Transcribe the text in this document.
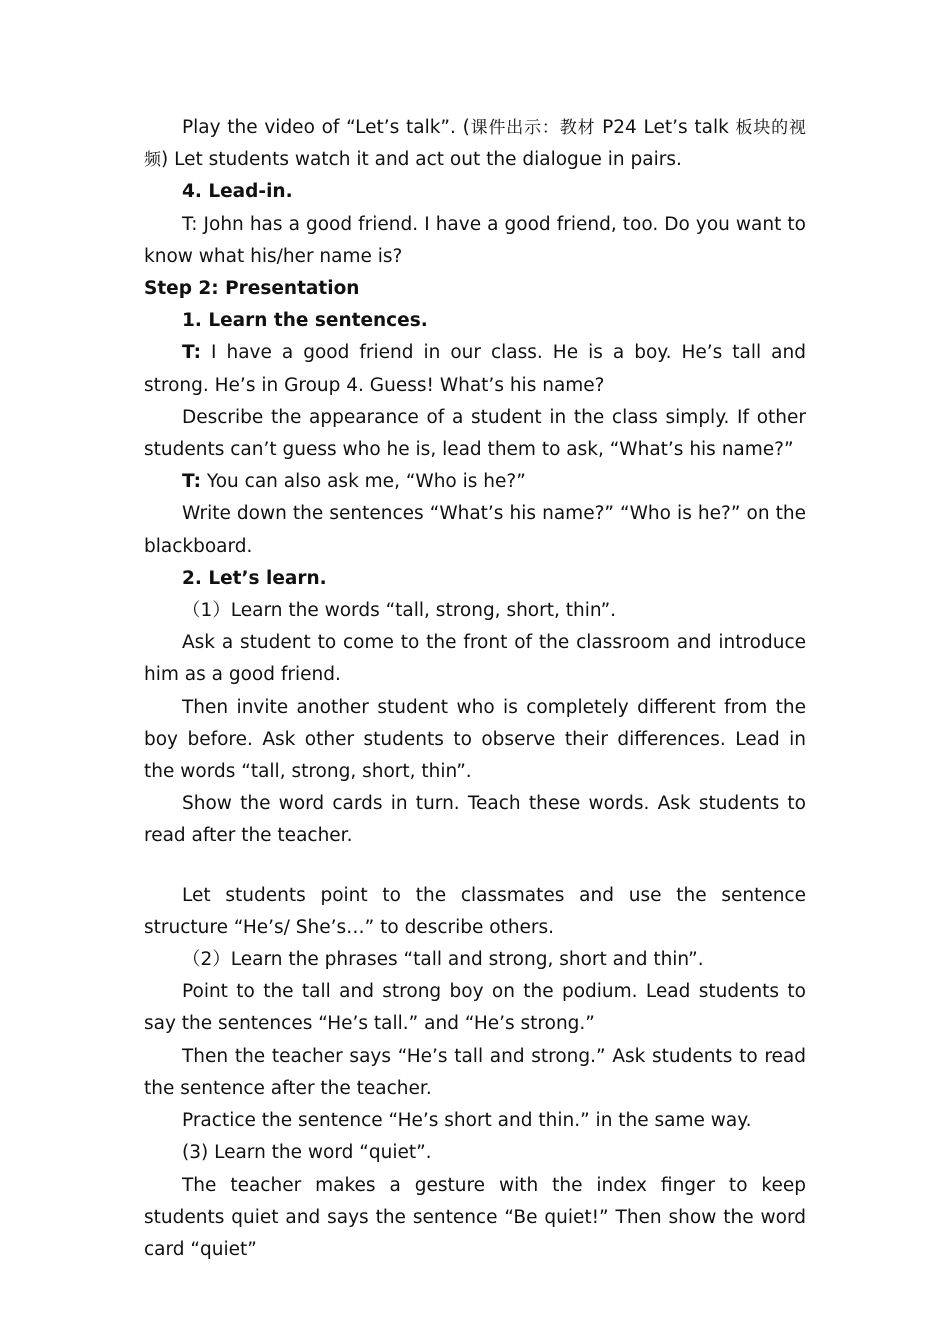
Play the video of “Let’s talk”. (课件出示：教材 P24 Let’s talk 板块的视频) Let students watch it and act out the dialogue in pairs.

4. Lead-in.

T: John has a good friend. I have a good friend, too. Do you want to know what his/her name is?

Step 2: Presentation

1. Learn the sentences.

T: I have a good friend in our class. He is a boy. He’s tall and strong. He’s in Group 4. Guess! What’s his name?

Describe the appearance of a student in the class simply. If other students can’t guess who he is, lead them to ask, “What’s his name?”

T: You can also ask me, “Who is he?”

Write down the sentences “What’s his name?” “Who is he?” on the blackboard.

2. Let’s learn.

（1）Learn the words “tall, strong, short, thin”.

Ask a student to come to the front of the classroom and introduce him as a good friend.

Then invite another student who is completely different from the boy before. Ask other students to observe their differences. Lead in the words “tall, strong, short, thin”.

Show the word cards in turn. Teach these words. Ask students to read after the teacher.

Let students point to the classmates and use the sentence structure “He’s/ She’s…” to describe others.

（2）Learn the phrases “tall and strong, short and thin”.

Point to the tall and strong boy on the podium. Lead students to say the sentences “He’s tall.” and “He’s strong.”

Then the teacher says “He’s tall and strong.” Ask students to read the sentence after the teacher.

Practice the sentence “He’s short and thin.” in the same way.

(3) Learn the word “quiet”.

The teacher makes a gesture with the index finger to keep students quiet and says the sentence “Be quiet!” Then show the word card “quiet”
